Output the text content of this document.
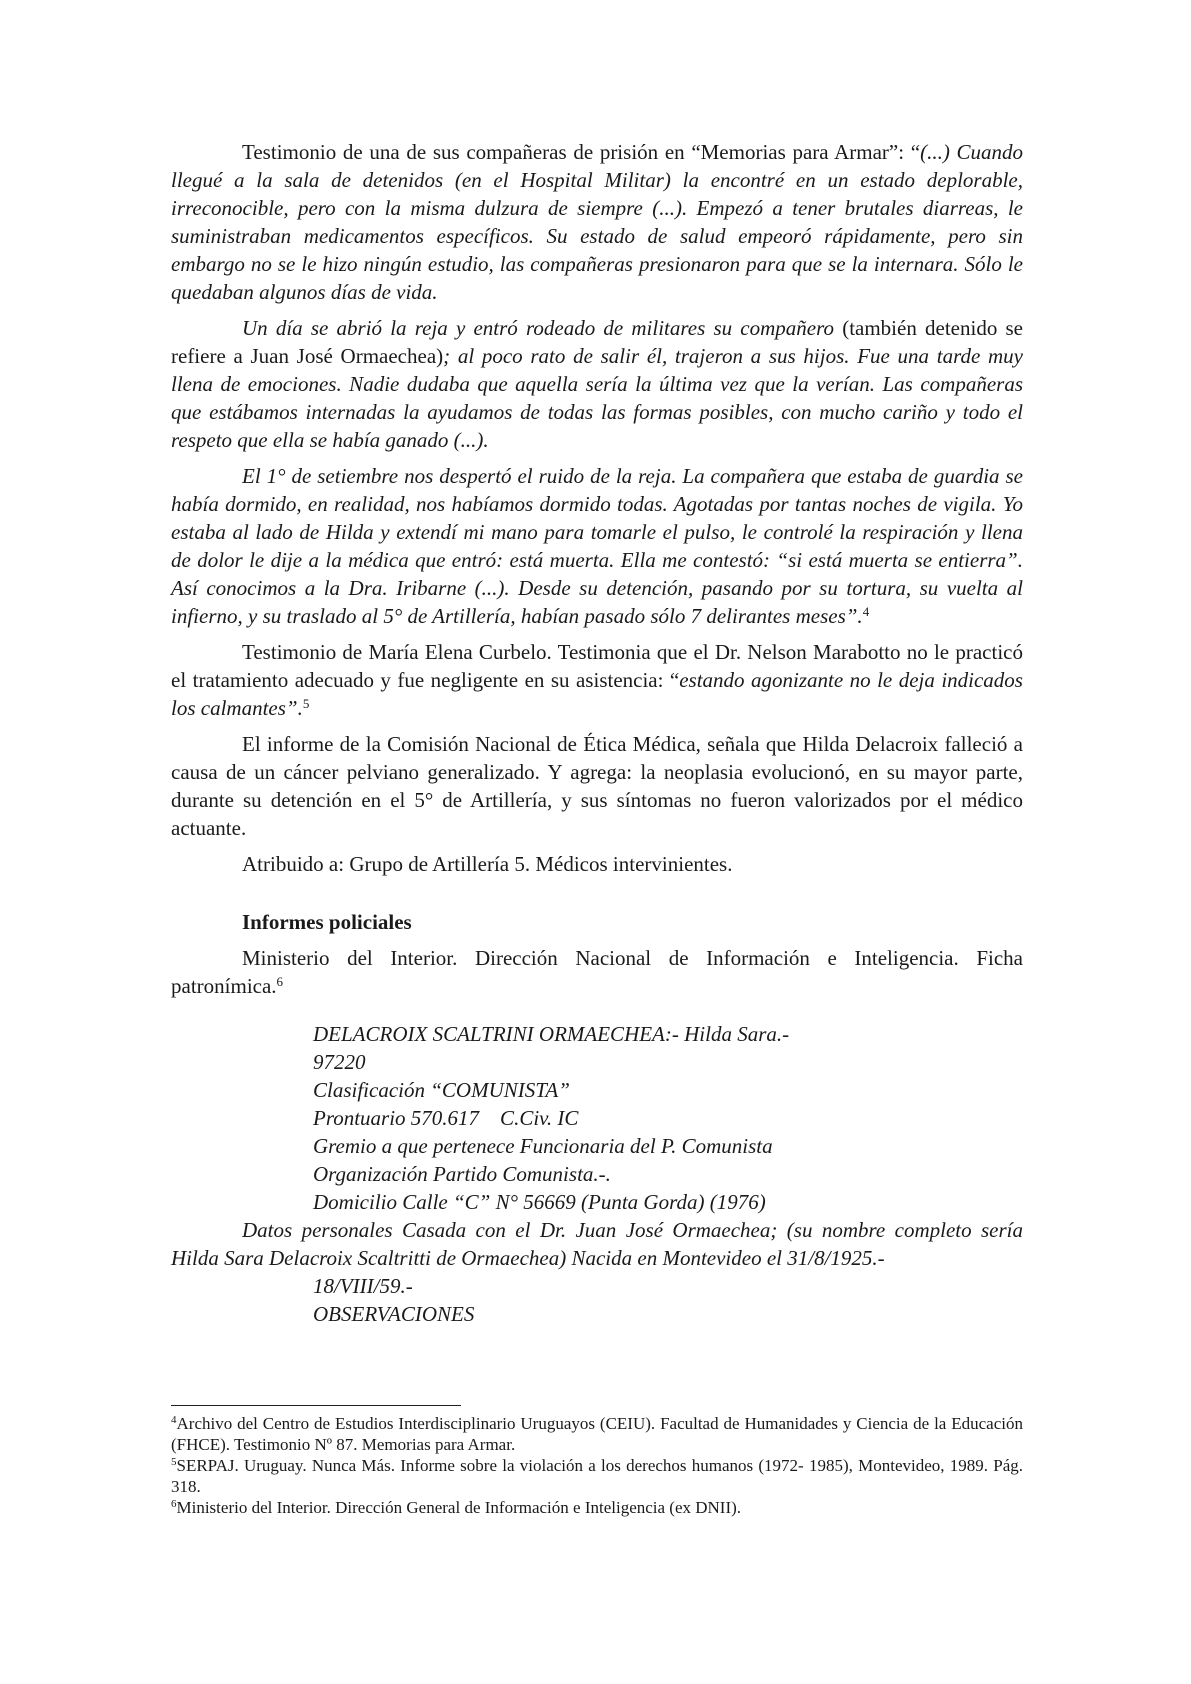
Testimonio de una de sus compañeras de prisión en “Memorias para Armar”: “(...) Cuando llegué a la sala de detenidos (en el Hospital Militar) la encontré en un estado deplorable, irreconocible, pero con la misma dulzura de siempre (...). Empezó a tener brutales diarreas, le suministraban medicamentos específicos. Su estado de salud empeoró rápidamente, pero sin embargo no se le hizo ningún estudio, las compañeras presionaron para que se la internara. Sólo le quedaban algunos días de vida.

Un día se abrió la reja y entró rodeado de militares su compañero (también detenido se refiere a Juan José Ormaechea); al poco rato de salir él, trajeron a sus hijos. Fue una tarde muy llena de emociones. Nadie dudaba que aquella sería la última vez que la verían. Las compañeras que estábamos internadas la ayudamos de todas las formas posibles, con mucho cariño y todo el respeto que ella se había ganado (...).

El 1° de setiembre nos despertó el ruido de la reja. La compañera que estaba de guardia se había dormido, en realidad, nos habíamos dormido todas. Agotadas por tantas noches de vigila. Yo estaba al lado de Hilda y extendí mi mano para tomarle el pulso, le controlé la respiración y llena de dolor le dije a la médica que entró: está muerta. Ella me contestó: “si está muerta se entierra”. Así conocimos a la Dra. Iribarne (...). Desde su detención, pasando por su tortura, su vuelta al infierno, y su traslado al 5° de Artillería, habían pasado sólo 7 delirantes meses”.$^4$

Testimonio de María Elena Curbelo. Testimonia que el Dr. Nelson Marabotto no le practicó el tratamiento adecuado y fue negligente en su asistencia: “estando agonizante no le deja indicados los calmantes”.$^5$

El informe de la Comisión Nacional de Ética Médica, señala que Hilda Delacroix falleció a causa de un cáncer pelviano generalizado. Y agrega: la neoplasia evolucionó, en su mayor parte, durante su detención en el 5° de Artillería, y sus síntomas no fueron valorizados por el médico actuante.

Atribuido a: Grupo de Artillería 5. Médicos intervinientes.

Informes policiales

Ministerio del Interior. Dirección Nacional de Información e Inteligencia. Ficha patronímica.$^6$

DELACROIX SCALTRINI ORMAECHEA:- Hilda Sara.-

97220

Clasificación “COMUNISTA”

Prontuario 570.617    C.Civ. IC

Gremio a que pertenece Funcionaria del P. Comunista

Organización Partido Comunista.-.

Domicilio Calle “C” N° 56669 (Punta Gorda) (1976)

Datos personales Casada con el Dr. Juan José Ormaechea; (su nombre completo sería Hilda Sara Delacroix Scaltritti de Ormaechea) Nacida en Montevideo el 31/8/1925.-

18/VIII/59.-

OBSERVACIONES

$^4$Archivo del Centro de Estudios Interdisciplinario Uruguayos (CEIU). Facultad de Humanidades y Ciencia de la Educación (FHCE). Testimonio Nº 87. Memorias para Armar.

$^5$SERPAJ. Uruguay. Nunca Más. Informe sobre la violación a los derechos humanos (1972- 1985), Montevideo, 1989. Pág. 318.

$^6$Ministerio del Interior. Dirección General de Información e Inteligencia (ex DNII).
